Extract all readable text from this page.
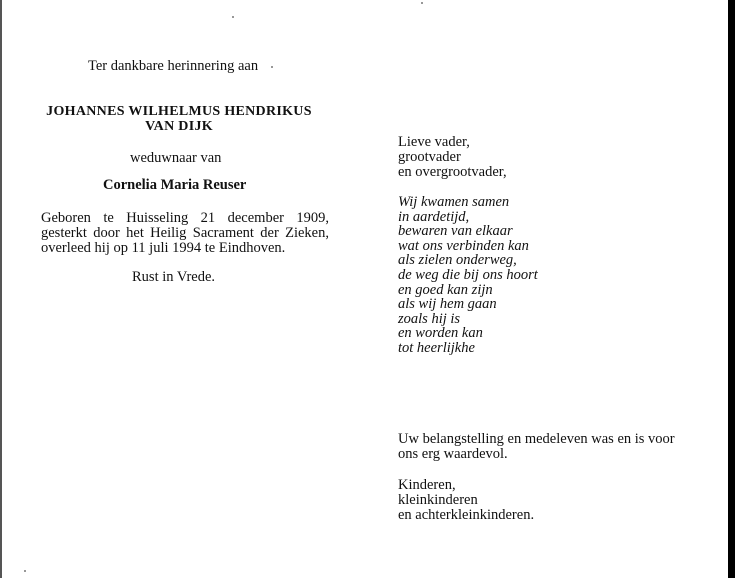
Ter dankbare herinnering aan

JOHANNES WILHELMUS HENDRIKUS
VAN DIJK

weduwnaar van

Cornelia Maria Reuser

Geboren te Huisseling 21 december 1909,
gesterkt door het Heilig Sacrament der Zieken,
overleed hij op 11 juli 1994 te Eindhoven.

Rust in Vrede.

Lieve vader,
grootvader
en overgrootvader,
Wij kwamen samen
in aardetijd,
bewaren van elkaar
wat ons verbinden kan
als zielen onderweg,
de weg die bij ons hoort
en goed kan zijn
als wij hem gaan
zoals hij is
en worden kan
tot heerlijkhe
Uw belangstelling en medeleven was en is voor
ons erg waardevol.
Kinderen,
kleinkinderen
en achterkleinkinderen.
